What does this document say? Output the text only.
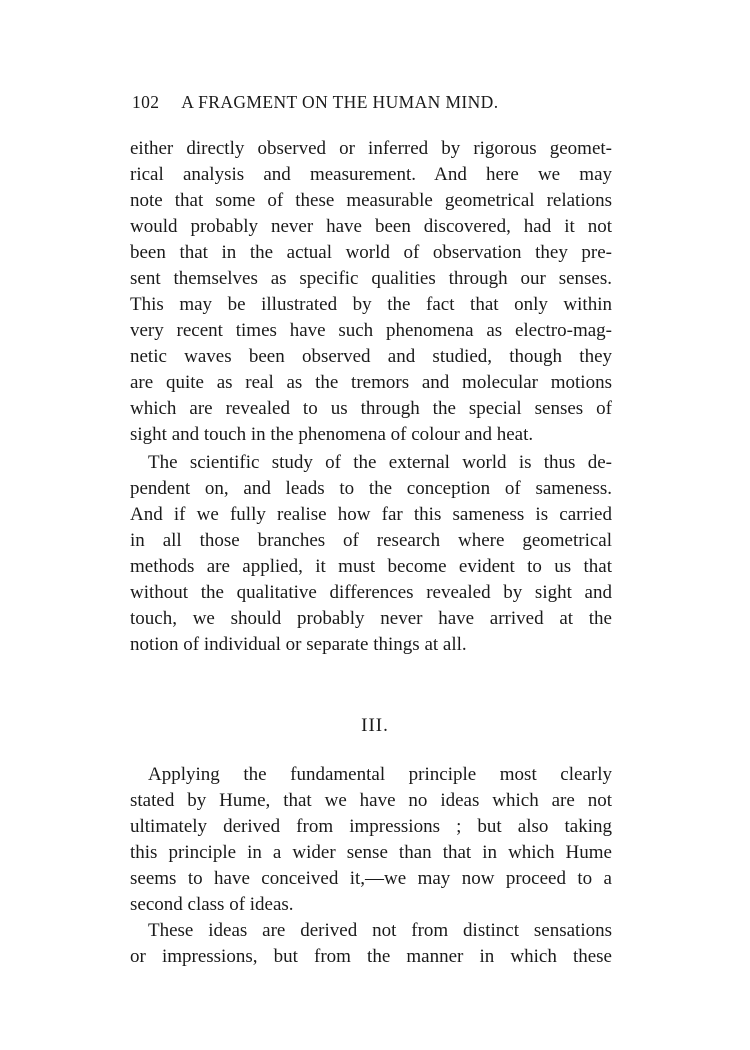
102 A FRAGMENT ON THE HUMAN MIND.
either directly observed or inferred by rigorous geomet-
rical analysis and measurement. And here we may
note that some of these measurable geometrical relations
would probably never have been discovered, had it not
been that in the actual world of observation they pre-
sent themselves as specific qualities through our senses.
This may be illustrated by the fact that only within
very recent times have such phenomena as electro-mag-
netic waves been observed and studied, though they
are quite as real as the tremors and molecular motions
which are revealed to us through the special senses of
sight and touch in the phenomena of colour and heat.
The scientific study of the external world is thus de-
pendent on, and leads to the conception of sameness.
And if we fully realise how far this sameness is carried
in all those branches of research where geometrical
methods are applied, it must become evident to us that
without the qualitative differences revealed by sight and
touch, we should probably never have arrived at the
notion of individual or separate things at all.
III.
Applying the fundamental principle most clearly
stated by Hume, that we have no ideas which are not
ultimately derived from impressions ; but also taking
this principle in a wider sense than that in which Hume
seems to have conceived it,—we may now proceed to a
second class of ideas.
These ideas are derived not from distinct sensations
or impressions, but from the manner in which these
